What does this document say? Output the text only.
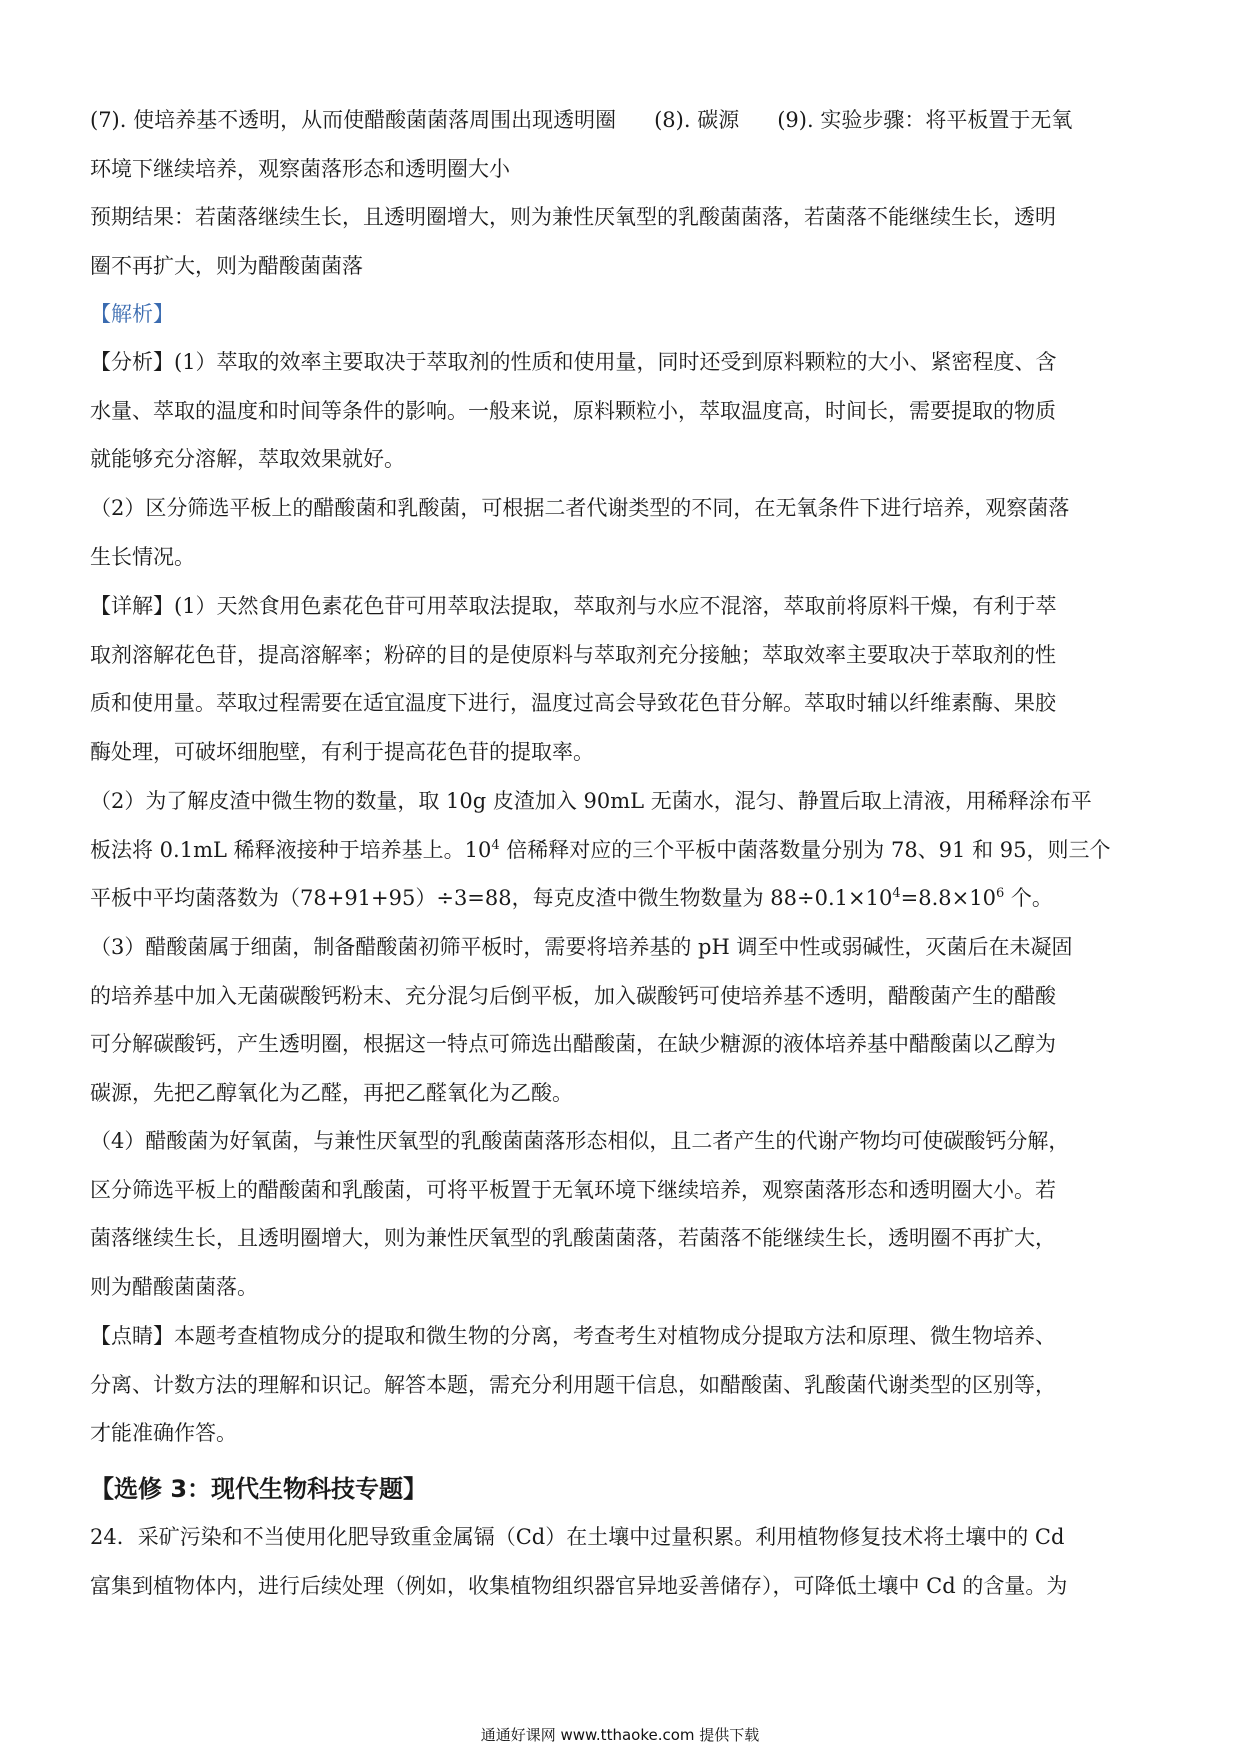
(7). 使培养基不透明，从而使醋酸菌菌落周围出现透明圈 (8). 碳源 (9). 实验步骤：将平板置于无氧 环境下继续培养，观察菌落形态和透明圈大小 预期结果：若菌落继续生长，且透明圈增大，则为兼性厌氧型的乳酸菌菌落，若菌落不能继续生长，透明 圈不再扩大，则为醋酸菌菌落
【解析】
【分析】(1）萃取的效率主要取决于萃取剂的性质和使用量，同时还受到原料颗粒的大小、紧密程度、含
水量、萃取的温度和时间等条件的影响。一般来说，原料颗粒小，萃取温度高，时间长，需要提取的物质
就能够充分溶解，萃取效果就好。
（2）区分筛选平板上的醋酸菌和乳酸菌，可根据二者代谢类型的不同，在无氧条件下进行培养，观察菌落
生长情况。
【详解】(1）天然食用色素花色苷可用萃取法提取，萃取剂与水应不混溶，萃取前将原料干燥，有利于萃
取剂溶解花色苷，提高溶解率；粉碎的目的是使原料与萃取剂充分接触；萃取效率主要取决于萃取剂的性
质和使用量。萃取过程需要在适宜温度下进行，温度过高会导致花色苷分解。萃取时辅以纤维素酶、果胶
酶处理，可破坏细胞壁，有利于提高花色苷的提取率。
（2）为了解皮渣中微生物的数量，取 10g 皮渣加入 90mL 无菌水，混匀、静置后取上清液，用稀释涂布平
板法将 0.1mL 稀释液接种于培养基上。$10^4$ 倍稀释对应的三个平板中菌落数量分别为 78、91 和 95，则三个
平板中平均菌落数为（78+91+95）÷3=88，每克皮渣中微生物数量为 $88\div 0.1\times 10^4=8.8\times 10^6$ 个。
（3）醋酸菌属于细菌，制备醋酸菌初筛平板时，需要将培养基的 pH 调至中性或弱碱性，灭菌后在未凝固
的培养基中加入无菌碳酸钙粉末、充分混匀后倒平板，加入碳酸钙可使培养基不透明，醋酸菌产生的醋酸
可分解碳酸钙，产生透明圈，根据这一特点可筛选出醋酸菌，在缺少糖源的液体培养基中醋酸菌以乙醇为
碳源，先把乙醇氧化为乙醛，再把乙醛氧化为乙酸。
（4）醋酸菌为好氧菌，与兼性厌氧型的乳酸菌菌落形态相似，且二者产生的代谢产物均可使碳酸钙分解，
区分筛选平板上的醋酸菌和乳酸菌，可将平板置于无氧环境下继续培养，观察菌落形态和透明圈大小。若
菌落继续生长，且透明圈增大，则为兼性厌氧型的乳酸菌菌落，若菌落不能继续生长，透明圈不再扩大，
则为醋酸菌菌落。
【点睛】本题考查植物成分的提取和微生物的分离，考查考生对植物成分提取方法和原理、微生物培养、
分离、计数方法的理解和识记。解答本题，需充分利用题干信息，如醋酸菌、乳酸菌代谢类型的区别等，
才能准确作答。
【选修 3：现代生物科技专题】
24．采矿污染和不当使用化肥导致重金属镉（Cd）在土壤中过量积累。利用植物修复技术将土壤中的 Cd
富集到植物体内，进行后续处理（例如，收集植物组织器官异地妥善储存），可降低土壤中 Cd 的含量。为
通通好课网 www.tthaoke.com 提供下载
